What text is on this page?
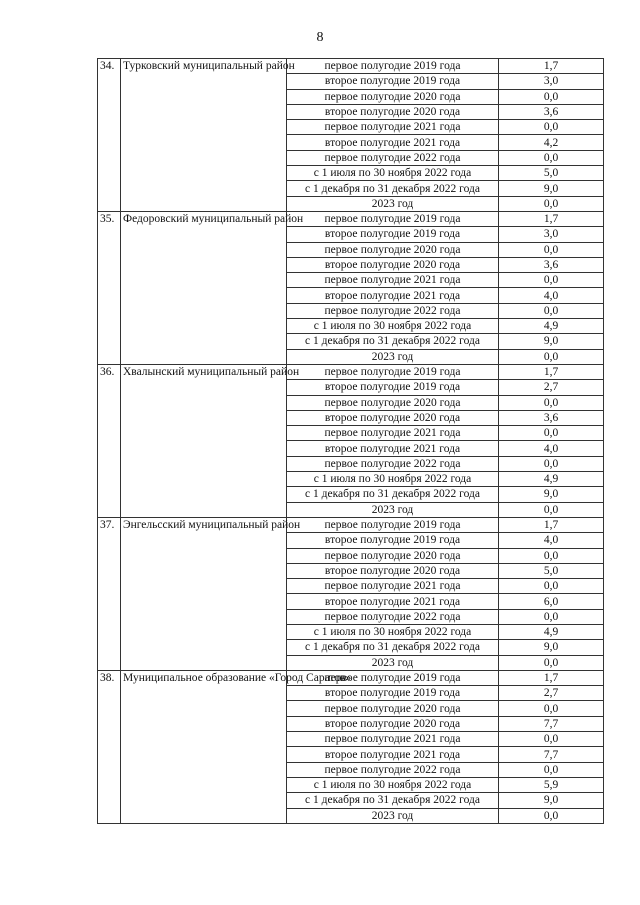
8
34.	Турковский муниципальный район	первое полугодие 2019 года	1,7
		второе полугодие 2019 года	3,0
		первое полугодие 2020 года	0,0
		второе полугодие 2020 года	3,6
		первое полугодие 2021 года	0,0
		второе полугодие 2021 года	4,2
		первое полугодие 2022 года	0,0
		с 1 июля по 30 ноября 2022 года	5,0
		с 1 декабря по 31 декабря 2022 года	9,0
		2023 год	0,0
35.	Федоровский муниципальный район	первое полугодие 2019 года	1,7
		второе полугодие 2019 года	3,0
		первое полугодие 2020 года	0,0
		второе полугодие 2020 года	3,6
		первое полугодие 2021 года	0,0
		второе полугодие 2021 года	4,0
		первое полугодие 2022 года	0,0
		с 1 июля по 30 ноября 2022 года	4,9
		с 1 декабря по 31 декабря 2022 года	9,0
		2023 год	0,0
36.	Хвалынский муниципальный район	первое полугодие 2019 года	1,7
		второе полугодие 2019 года	2,7
		первое полугодие 2020 года	0,0
		второе полугодие 2020 года	3,6
		первое полугодие 2021 года	0,0
		второе полугодие 2021 года	4,0
		первое полугодие 2022 года	0,0
		с 1 июля по 30 ноября 2022 года	4,9
		с 1 декабря по 31 декабря 2022 года	9,0
		2023 год	0,0
37.	Энгельсский муниципальный район	первое полугодие 2019 года	1,7
		второе полугодие 2019 года	4,0
		первое полугодие 2020 года	0,0
		второе полугодие 2020 года	5,0
		первое полугодие 2021 года	0,0
		второе полугодие 2021 года	6,0
		первое полугодие 2022 года	0,0
		с 1 июля по 30 ноября 2022 года	4,9
		с 1 декабря по 31 декабря 2022 года	9,0
		2023 год	0,0
38.	Муниципальное образование «Город Саратов»	первое полугодие 2019 года	1,7
		второе полугодие 2019 года	2,7
		первое полугодие 2020 года	0,0
		второе полугодие 2020 года	7,7
		первое полугодие 2021 года	0,0
		второе полугодие 2021 года	7,7
		первое полугодие 2022 года	0,0
		с 1 июля по 30 ноября 2022 года	5,9
		с 1 декабря по 31 декабря 2022 года	9,0
		2023 год	0,0
